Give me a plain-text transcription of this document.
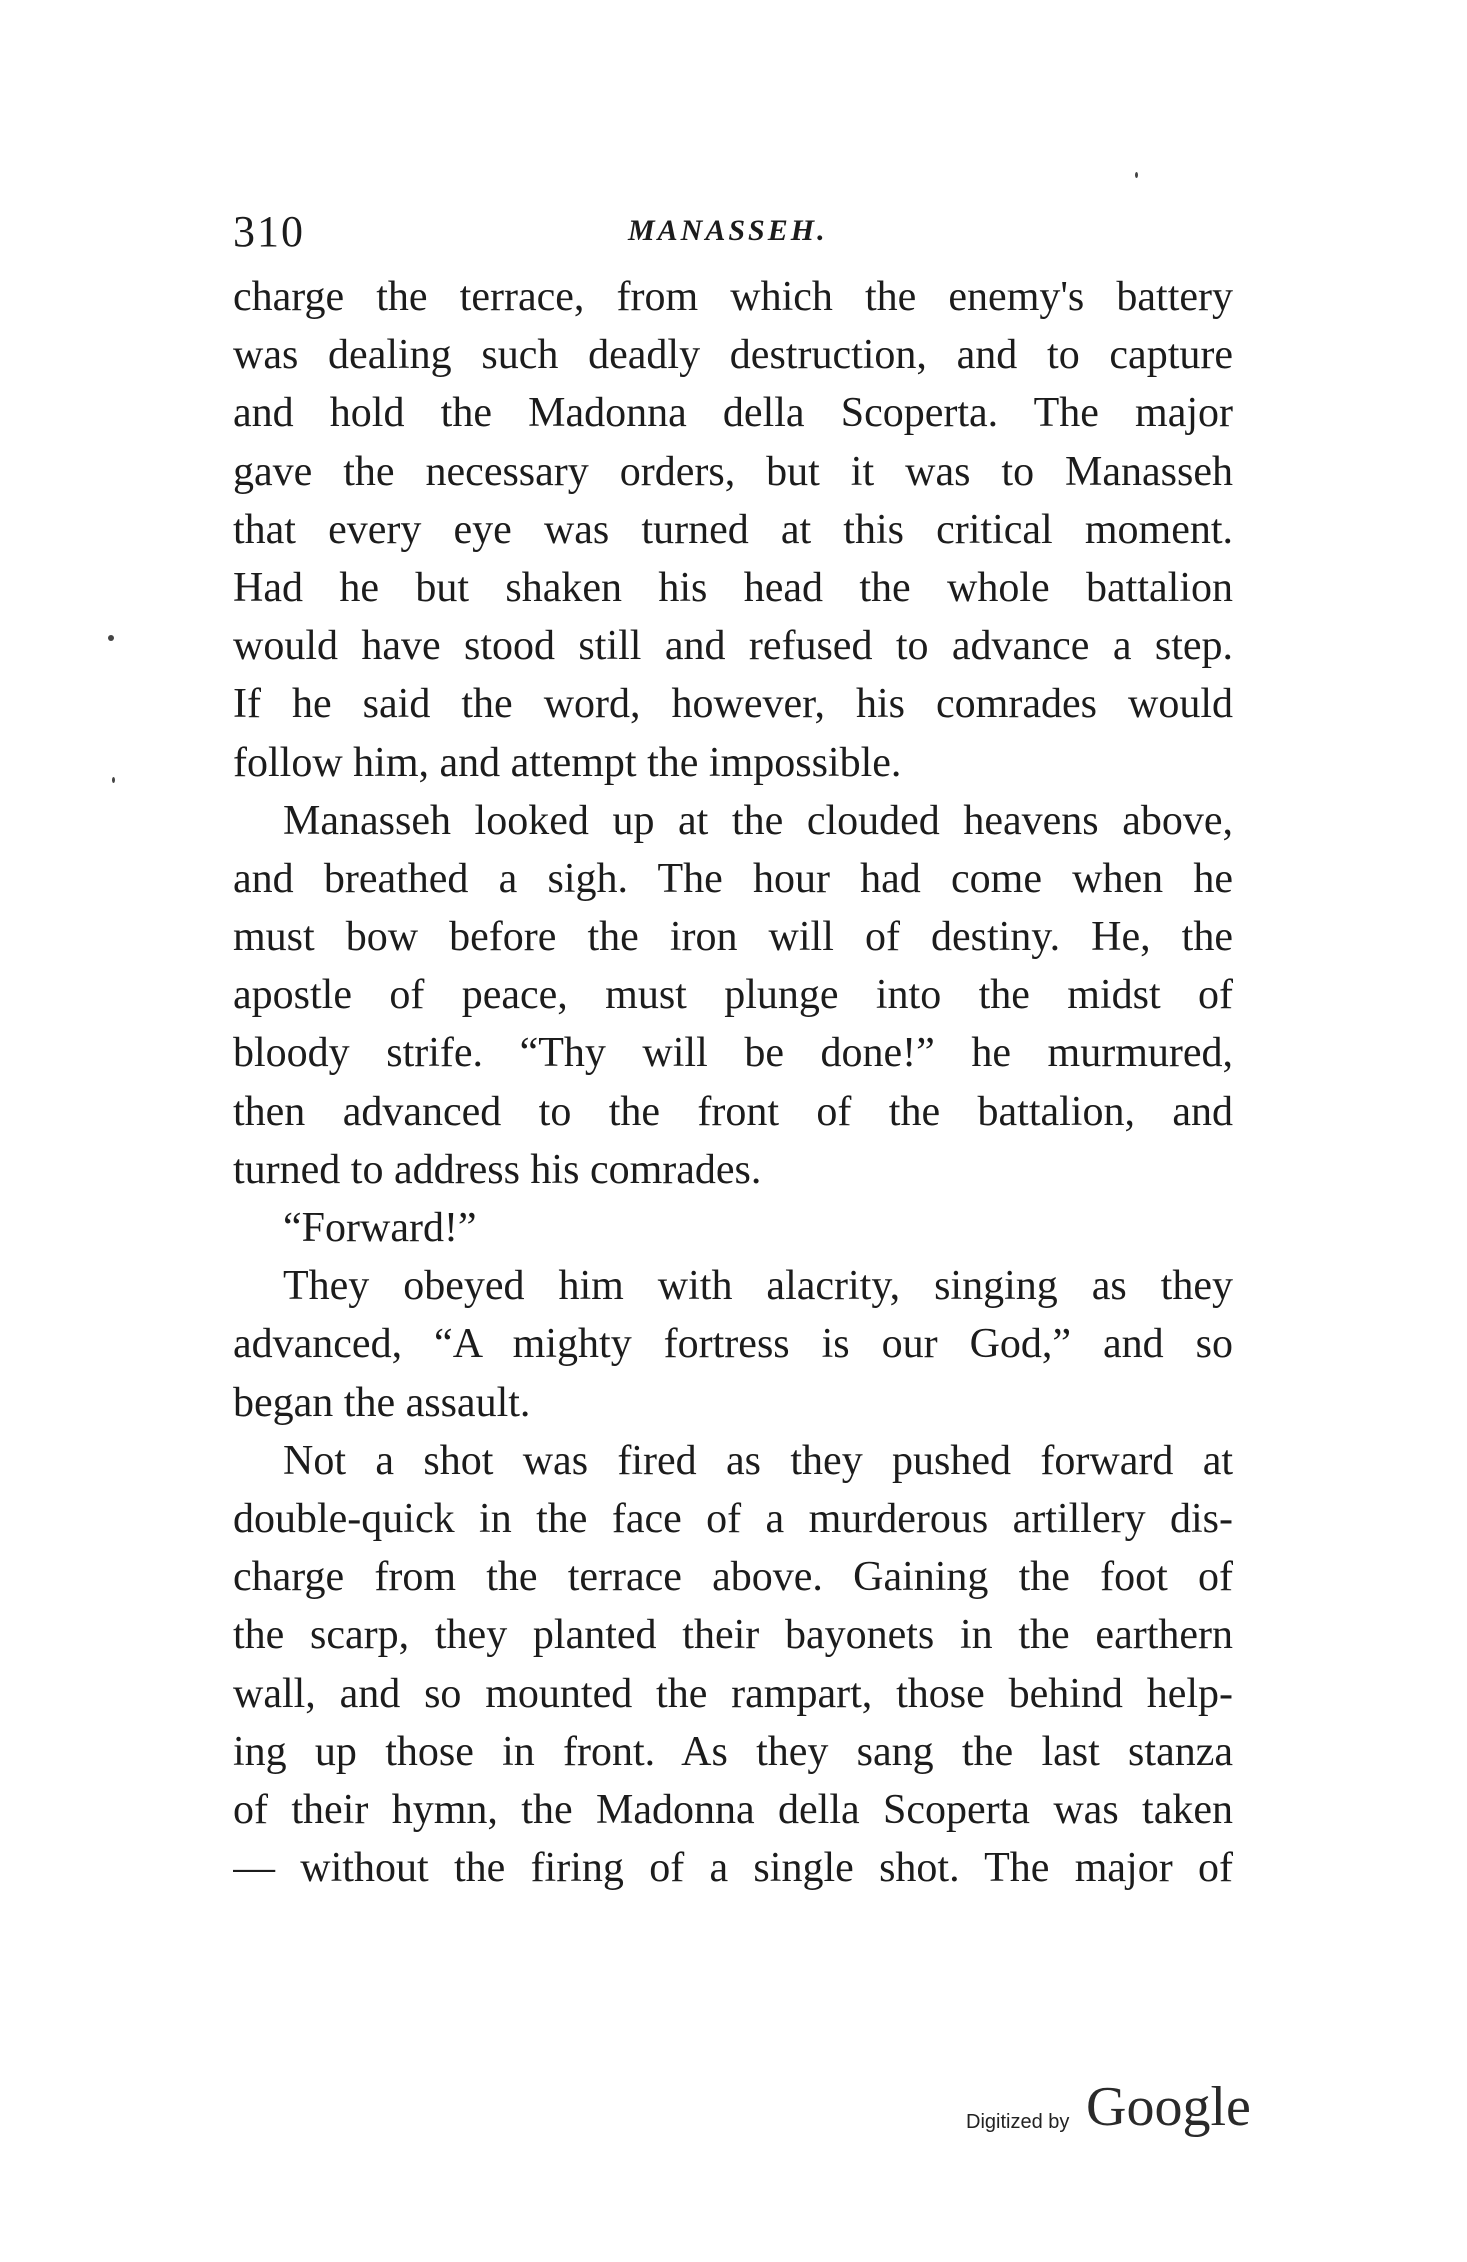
310	MANASSEH.
charge the terrace, from which the enemy's battery
was dealing such deadly destruction, and to capture
and hold the Madonna della Scoperta. The major
gave the necessary orders, but it was to Manasseh
that every eye was turned at this critical moment.
Had he but shaken his head the whole battalion
would have stood still and refused to advance a step.
If he said the word, however, his comrades would
follow him, and attempt the impossible.
Manasseh looked up at the clouded heavens above,
and breathed a sigh. The hour had come when he
must bow before the iron will of destiny. He, the
apostle of peace, must plunge into the midst of
bloody strife. “Thy will be done!” he murmured,
then advanced to the front of the battalion, and
turned to address his comrades.
“Forward!”
They obeyed him with alacrity, singing as they
advanced, “A mighty fortress is our God,” and so
began the assault.
Not a shot was fired as they pushed forward at
double-quick in the face of a murderous artillery dis-
charge from the terrace above. Gaining the foot of
the scarp, they planted their bayonets in the earthern
wall, and so mounted the rampart, those behind help-
ing up those in front. As they sang the last stanza
of their hymn, the Madonna della Scoperta was taken
— without the firing of a single shot. The major of
Digitized by Google
